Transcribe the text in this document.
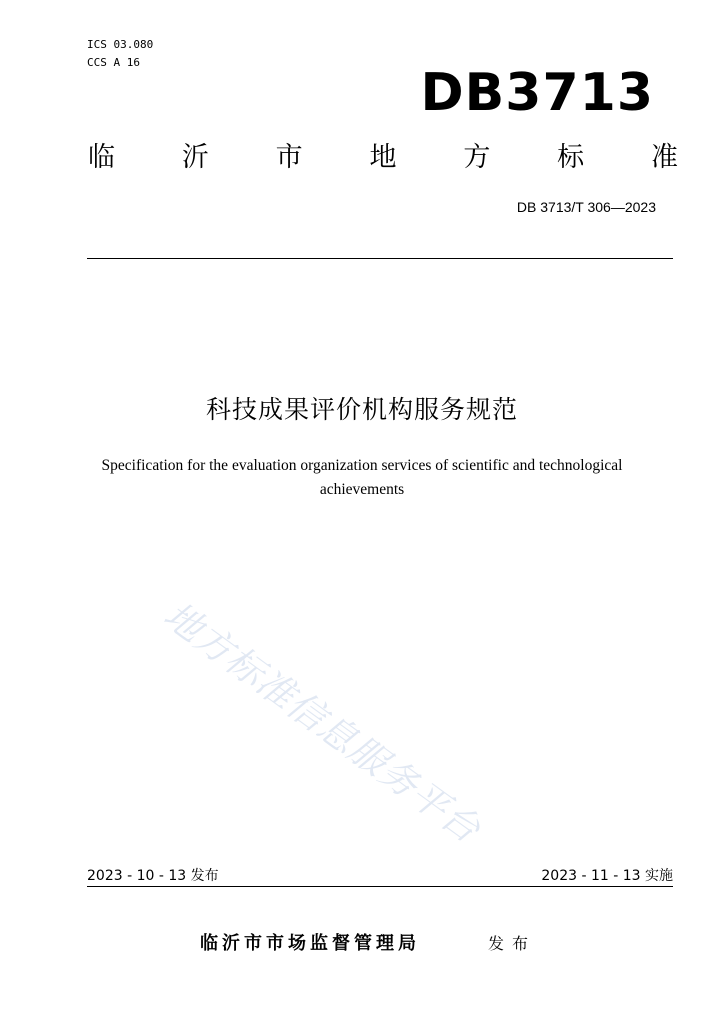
ICS 03.080
CCS A 16
DB3713
临 沂 市 地 方 标 准
DB 3713/T 306—2023
科技成果评价机构服务规范
Specification for the evaluation organization services of scientific and technological
achievements
地方标准信息服务平台
2023 - 10 - 13 发布	2023 - 11 - 13 实施
临沂市市场监督管理局	发布
